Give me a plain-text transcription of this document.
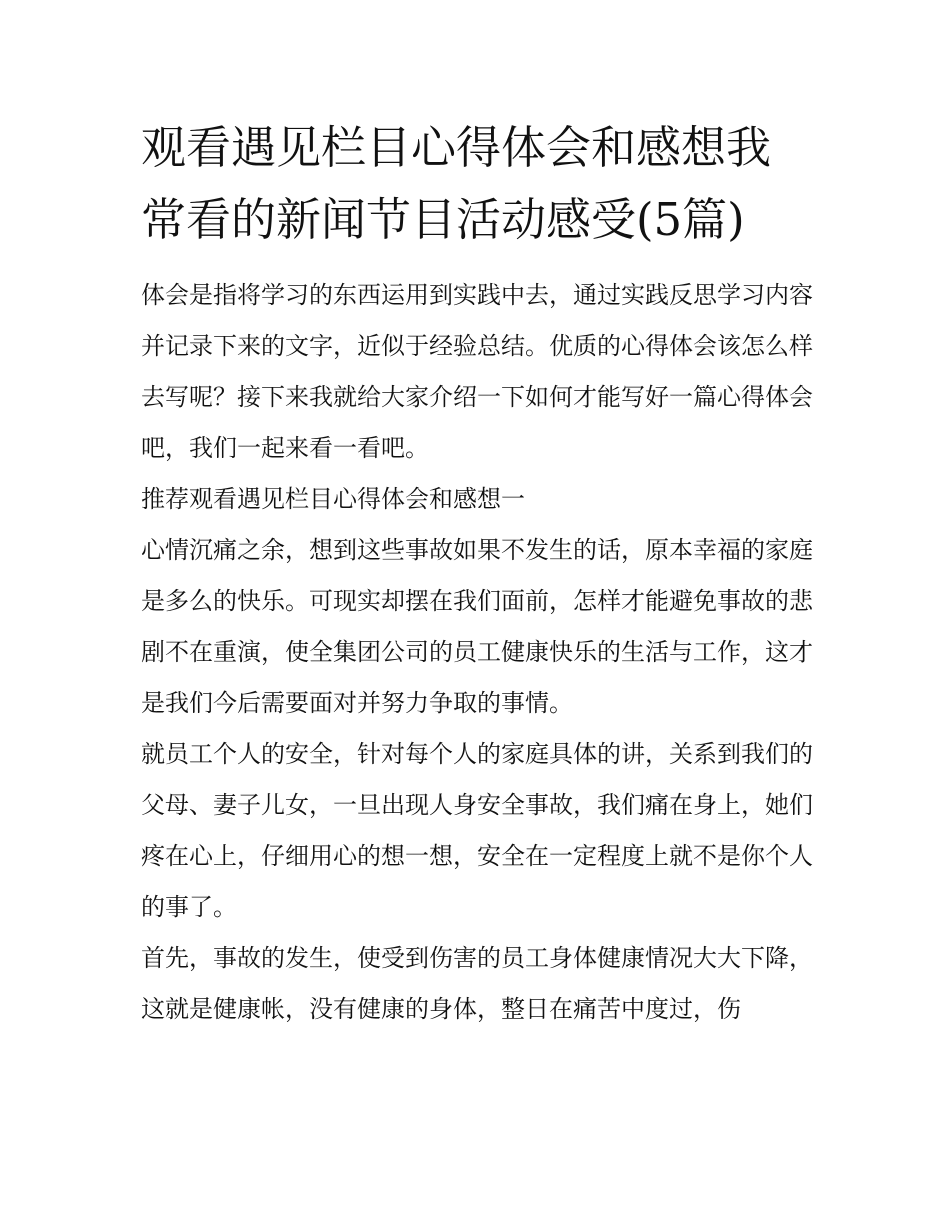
观看遇见栏目心得体会和感想我常看的新闻节目活动感受(5篇)

体会是指将学习的东西运用到实践中去，通过实践反思学习内容并记录下来的文字，近似于经验总结。优质的心得体会该怎么样去写呢？接下来我就给大家介绍一下如何才能写好一篇心得体会吧，我们一起来看一看吧。

推荐观看遇见栏目心得体会和感想一

心情沉痛之余，想到这些事故如果不发生的话，原本幸福的家庭是多么的快乐。可现实却摆在我们面前，怎样才能避免事故的悲剧不在重演，使全集团公司的员工健康快乐的生活与工作，这才是我们今后需要面对并努力争取的事情。

就员工个人的安全，针对每个人的家庭具体的讲，关系到我们的父母、妻子儿女，一旦出现人身安全事故，我们痛在身上，她们疼在心上，仔细用心的想一想，安全在一定程度上就不是你个人的事了。

首先，事故的发生，使受到伤害的员工身体健康情况大大下降，这就是健康帐，没有健康的身体，整日在痛苦中度过，伤
